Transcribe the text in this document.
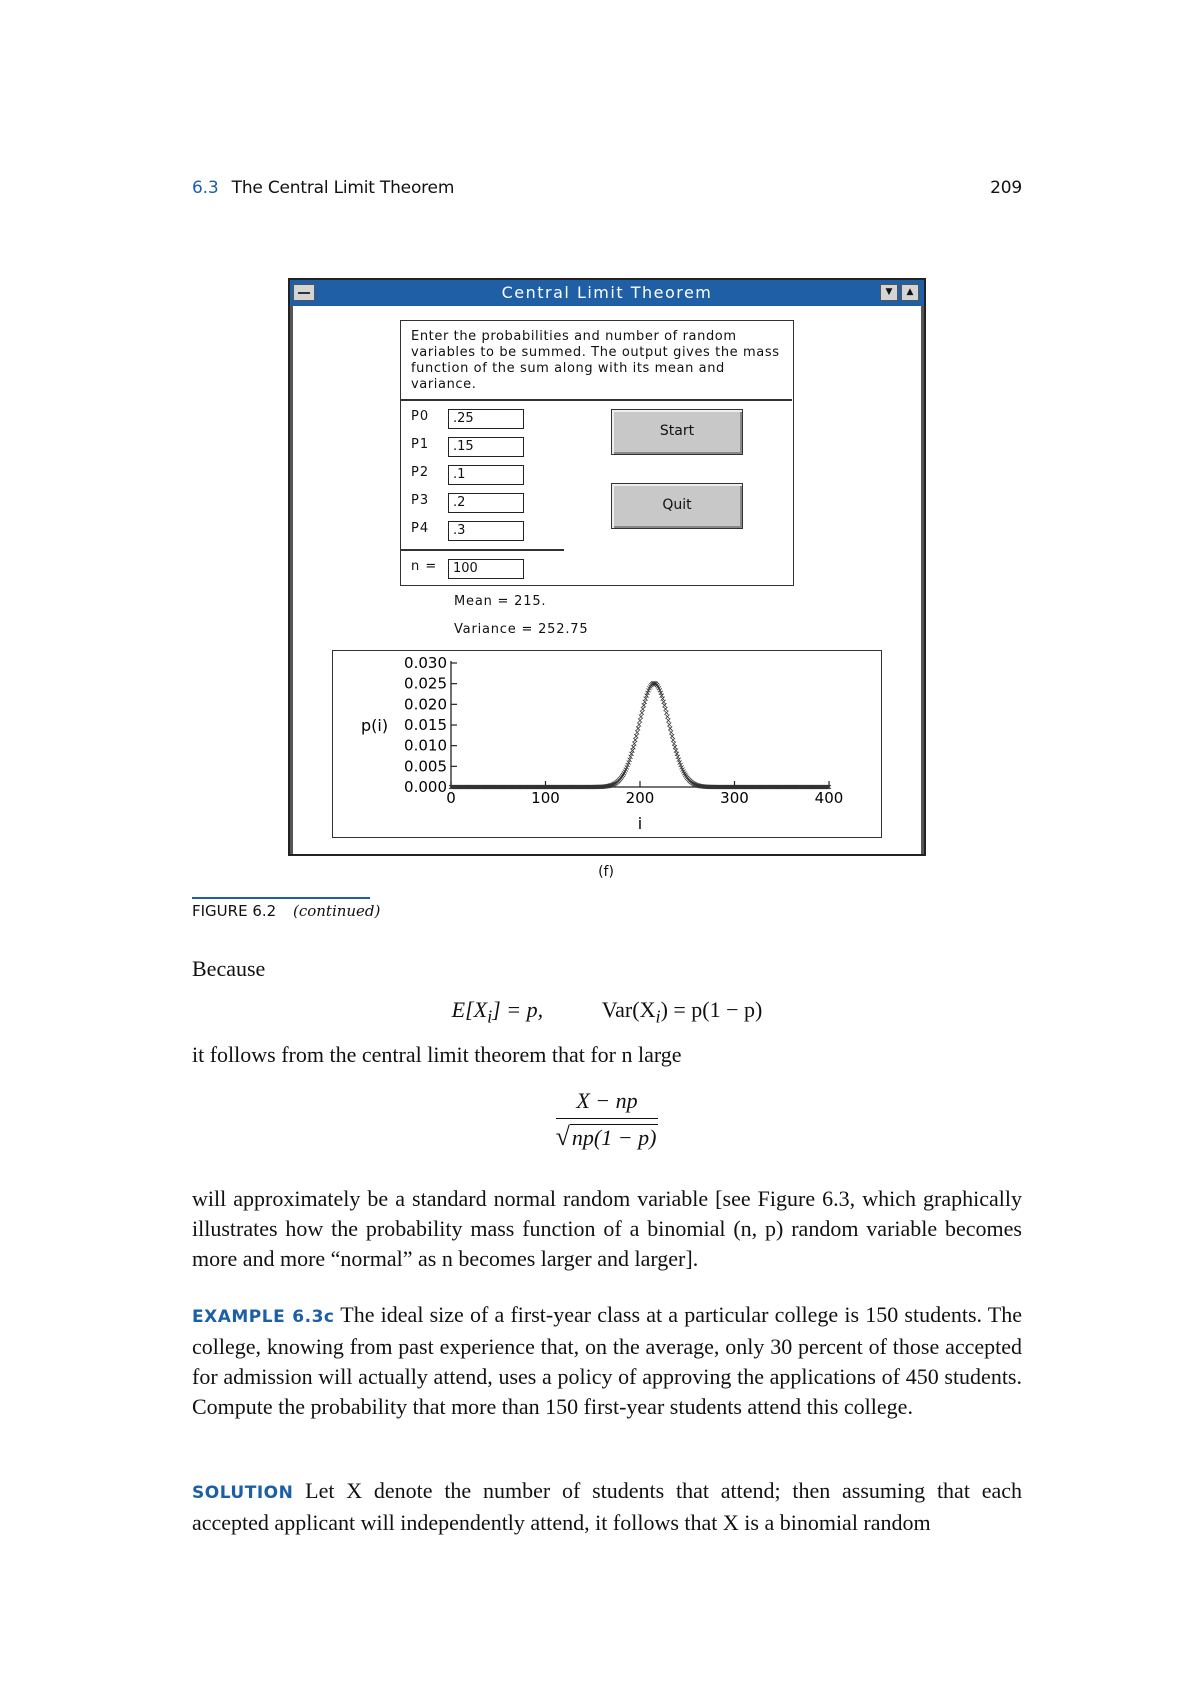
6.3 The Central Limit Theorem	209
Central Limit Theorem	▼	▲
Enter the probabilities and number of random variables to be summed. The output gives the mass function of the sum along with its mean and variance.
P0	.25
P1	.15
P2	.1
P3	.2
P4	.3
n =	100
Start
Quit
Mean = 215.
Variance = 252.75
0.000
0.005
0.010
0.015
0.020
0.025
0.030
0	100	200	300	400
p(i)
i
(f)
FIGURE 6.2 (continued)
Because
$E[X_i] = p$,	$Var(X_i) = p(1 - p)$
it follows from the central limit theorem that for n large
$\frac{X - np}{√np(1 - p)}$
will approximately be a standard normal random variable [see Figure 6.3, which graphically illustrates how the probability mass function of a binomial (n, p) random variable becomes more and more “normal” as n becomes larger and larger].
EXAMPLE 6.3c The ideal size of a first-year class at a particular college is 150 students. The college, knowing from past experience that, on the average, only 30 percent of those accepted for admission will actually attend, uses a policy of approving the applications of 450 students. Compute the probability that more than 150 first-year students attend this college.
SOLUTION Let X denote the number of students that attend; then assuming that each accepted applicant will independently attend, it follows that X is a binomial random
